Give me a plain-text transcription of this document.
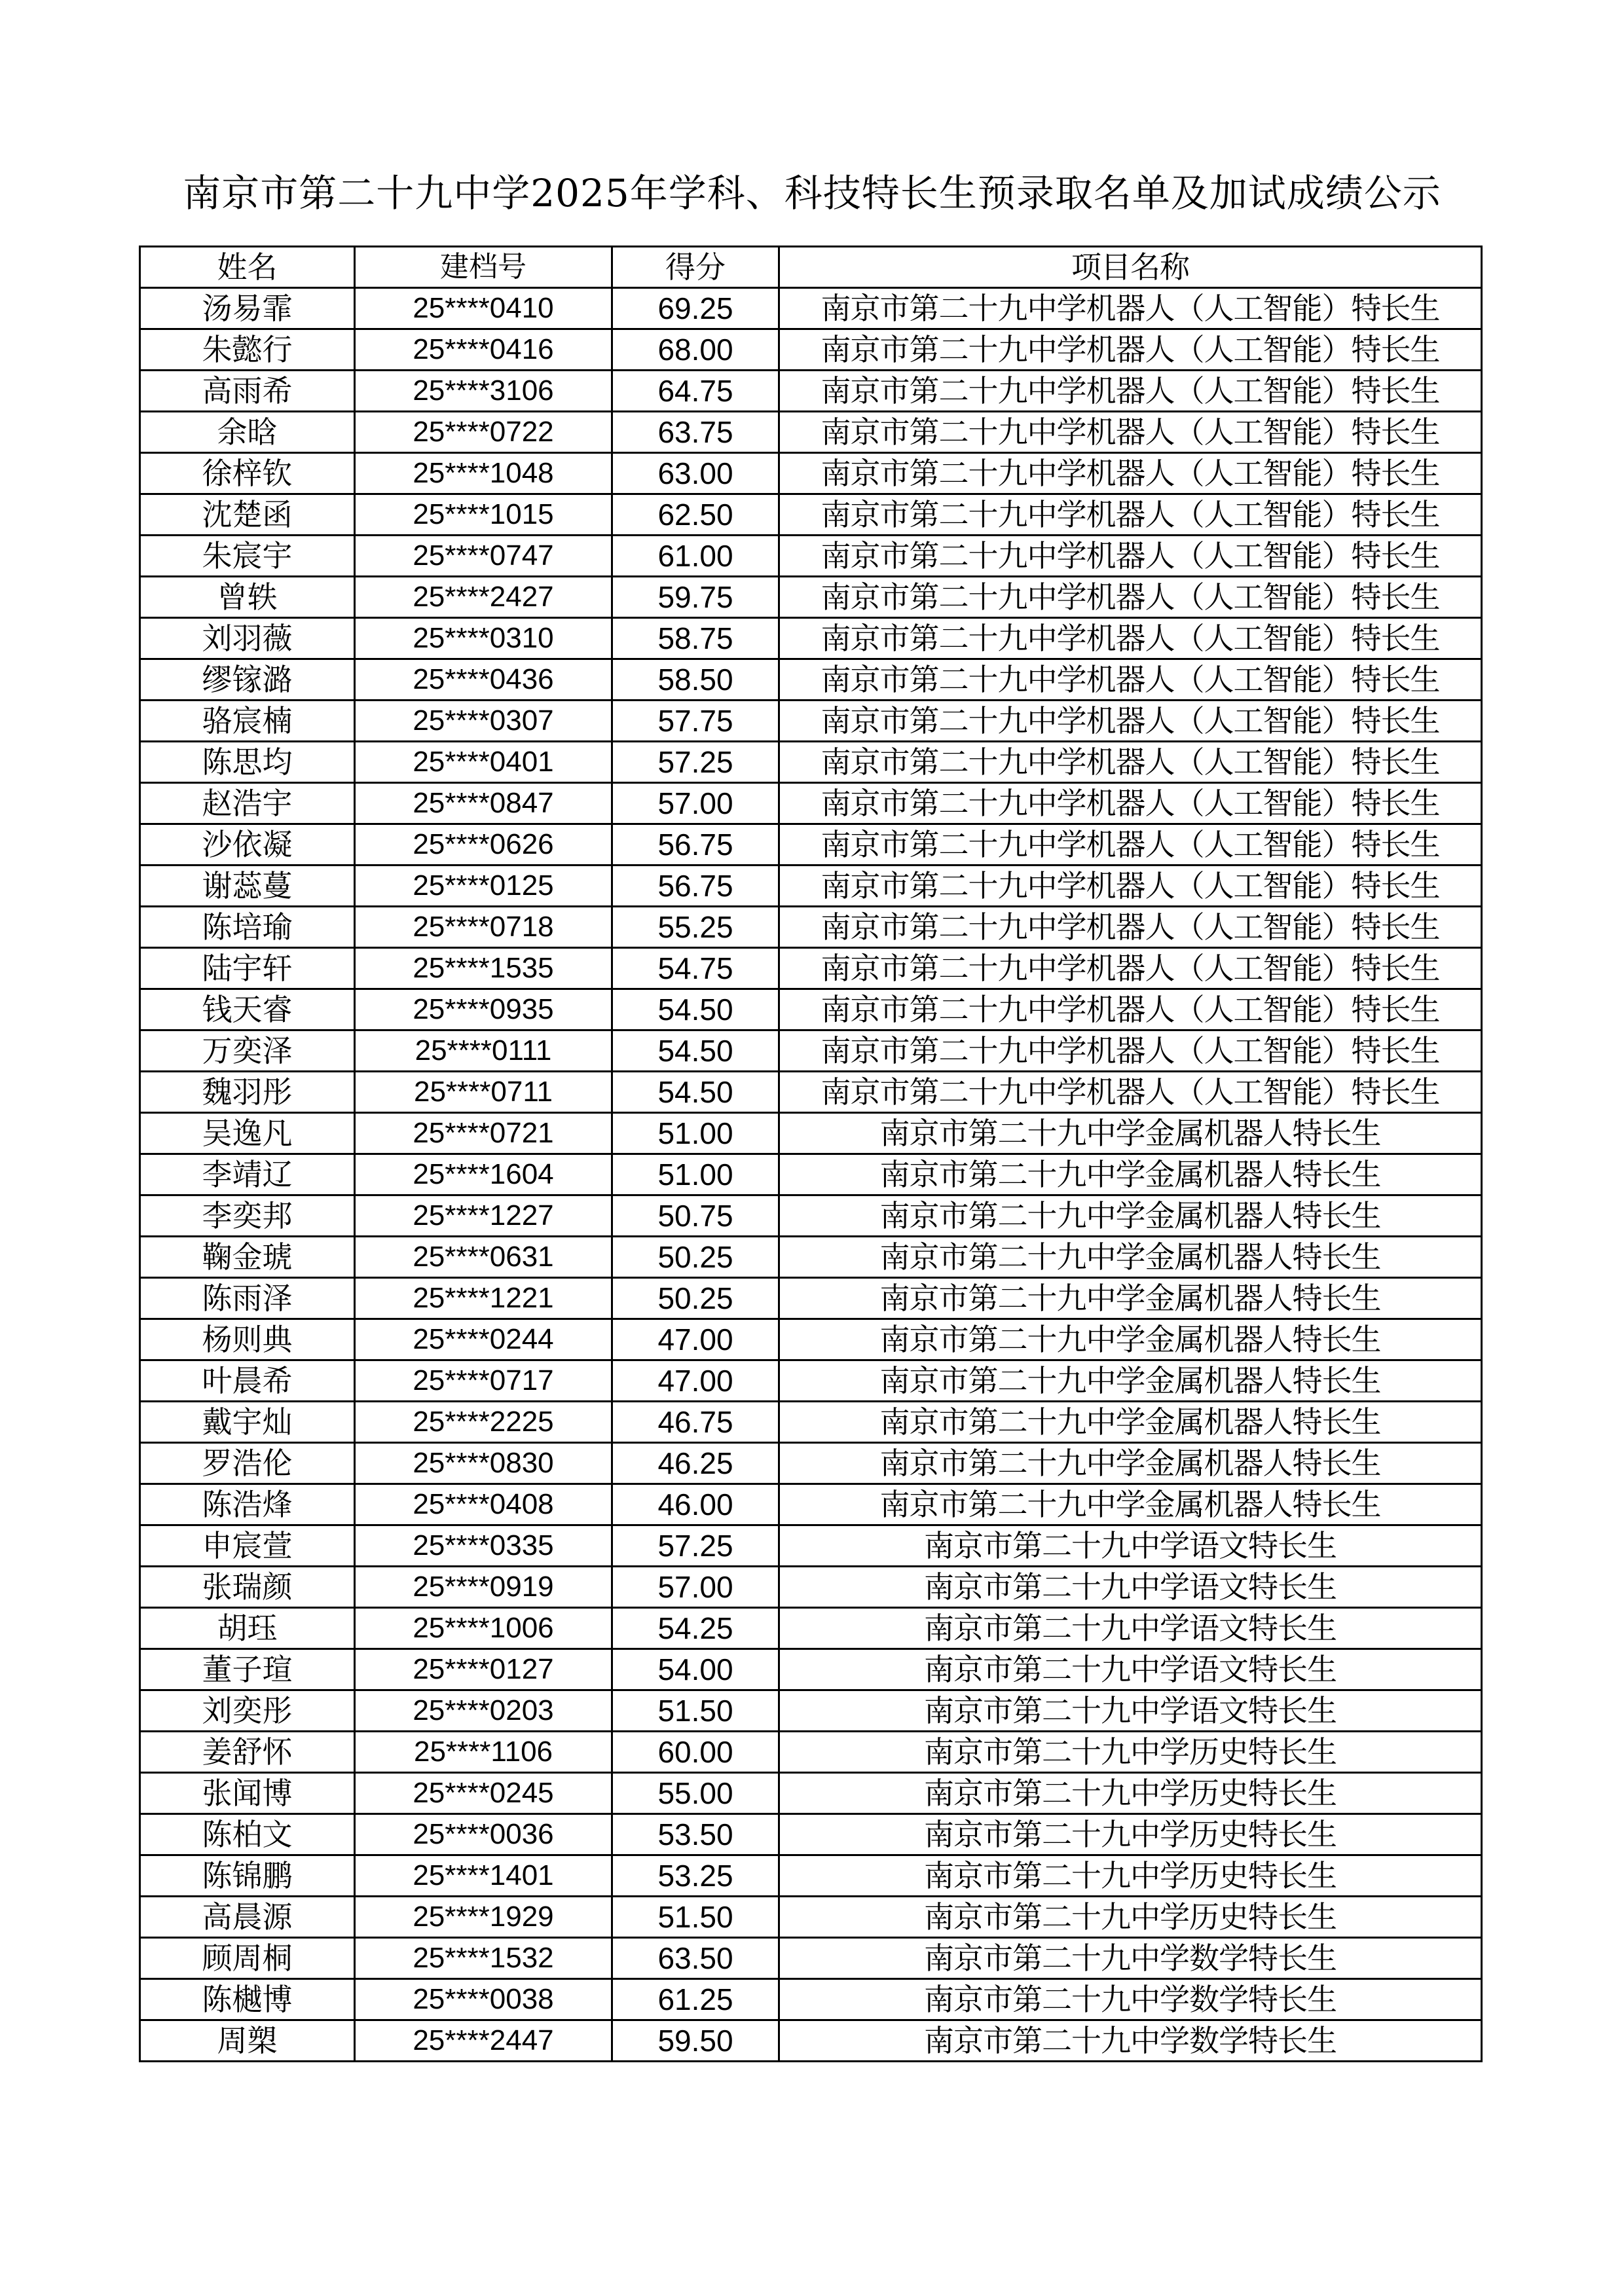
南京市第二十九中学2025年学科、科技特长生预录取名单及加试成绩公示
姓名	建档号	得分	项目名称
汤易霏	25****0410	69.25	南京市第二十九中学机器人（人工智能）特长生
朱懿行	25****0416	68.00	南京市第二十九中学机器人（人工智能）特长生
高雨希	25****3106	64.75	南京市第二十九中学机器人（人工智能）特长生
余晗	25****0722	63.75	南京市第二十九中学机器人（人工智能）特长生
徐梓钦	25****1048	63.00	南京市第二十九中学机器人（人工智能）特长生
沈楚函	25****1015	62.50	南京市第二十九中学机器人（人工智能）特长生
朱宸宇	25****0747	61.00	南京市第二十九中学机器人（人工智能）特长生
曾轶	25****2427	59.75	南京市第二十九中学机器人（人工智能）特长生
刘羽薇	25****0310	58.75	南京市第二十九中学机器人（人工智能）特长生
缪镓潞	25****0436	58.50	南京市第二十九中学机器人（人工智能）特长生
骆宸楠	25****0307	57.75	南京市第二十九中学机器人（人工智能）特长生
陈思均	25****0401	57.25	南京市第二十九中学机器人（人工智能）特长生
赵浩宇	25****0847	57.00	南京市第二十九中学机器人（人工智能）特长生
沙依凝	25****0626	56.75	南京市第二十九中学机器人（人工智能）特长生
谢蕊蔓	25****0125	56.75	南京市第二十九中学机器人（人工智能）特长生
陈培瑜	25****0718	55.25	南京市第二十九中学机器人（人工智能）特长生
陆宇轩	25****1535	54.75	南京市第二十九中学机器人（人工智能）特长生
钱天睿	25****0935	54.50	南京市第二十九中学机器人（人工智能）特长生
万奕泽	25****0111	54.50	南京市第二十九中学机器人（人工智能）特长生
魏羽彤	25****0711	54.50	南京市第二十九中学机器人（人工智能）特长生
吴逸凡	25****0721	51.00	南京市第二十九中学金属机器人特长生
李靖辽	25****1604	51.00	南京市第二十九中学金属机器人特长生
李奕邦	25****1227	50.75	南京市第二十九中学金属机器人特长生
鞠金琥	25****0631	50.25	南京市第二十九中学金属机器人特长生
陈雨泽	25****1221	50.25	南京市第二十九中学金属机器人特长生
杨则典	25****0244	47.00	南京市第二十九中学金属机器人特长生
叶晨希	25****0717	47.00	南京市第二十九中学金属机器人特长生
戴宇灿	25****2225	46.75	南京市第二十九中学金属机器人特长生
罗浩伦	25****0830	46.25	南京市第二十九中学金属机器人特长生
陈浩烽	25****0408	46.00	南京市第二十九中学金属机器人特长生
申宸萱	25****0335	57.25	南京市第二十九中学语文特长生
张瑞颜	25****0919	57.00	南京市第二十九中学语文特长生
胡珏	25****1006	54.25	南京市第二十九中学语文特长生
董子瑄	25****0127	54.00	南京市第二十九中学语文特长生
刘奕彤	25****0203	51.50	南京市第二十九中学语文特长生
姜舒怀	25****1106	60.00	南京市第二十九中学历史特长生
张闻博	25****0245	55.00	南京市第二十九中学历史特长生
陈柏文	25****0036	53.50	南京市第二十九中学历史特长生
陈锦鹏	25****1401	53.25	南京市第二十九中学历史特长生
高晨源	25****1929	51.50	南京市第二十九中学历史特长生
顾周桐	25****1532	63.50	南京市第二十九中学数学特长生
陈樾博	25****0038	61.25	南京市第二十九中学数学特长生
周槊	25****2447	59.50	南京市第二十九中学数学特长生
